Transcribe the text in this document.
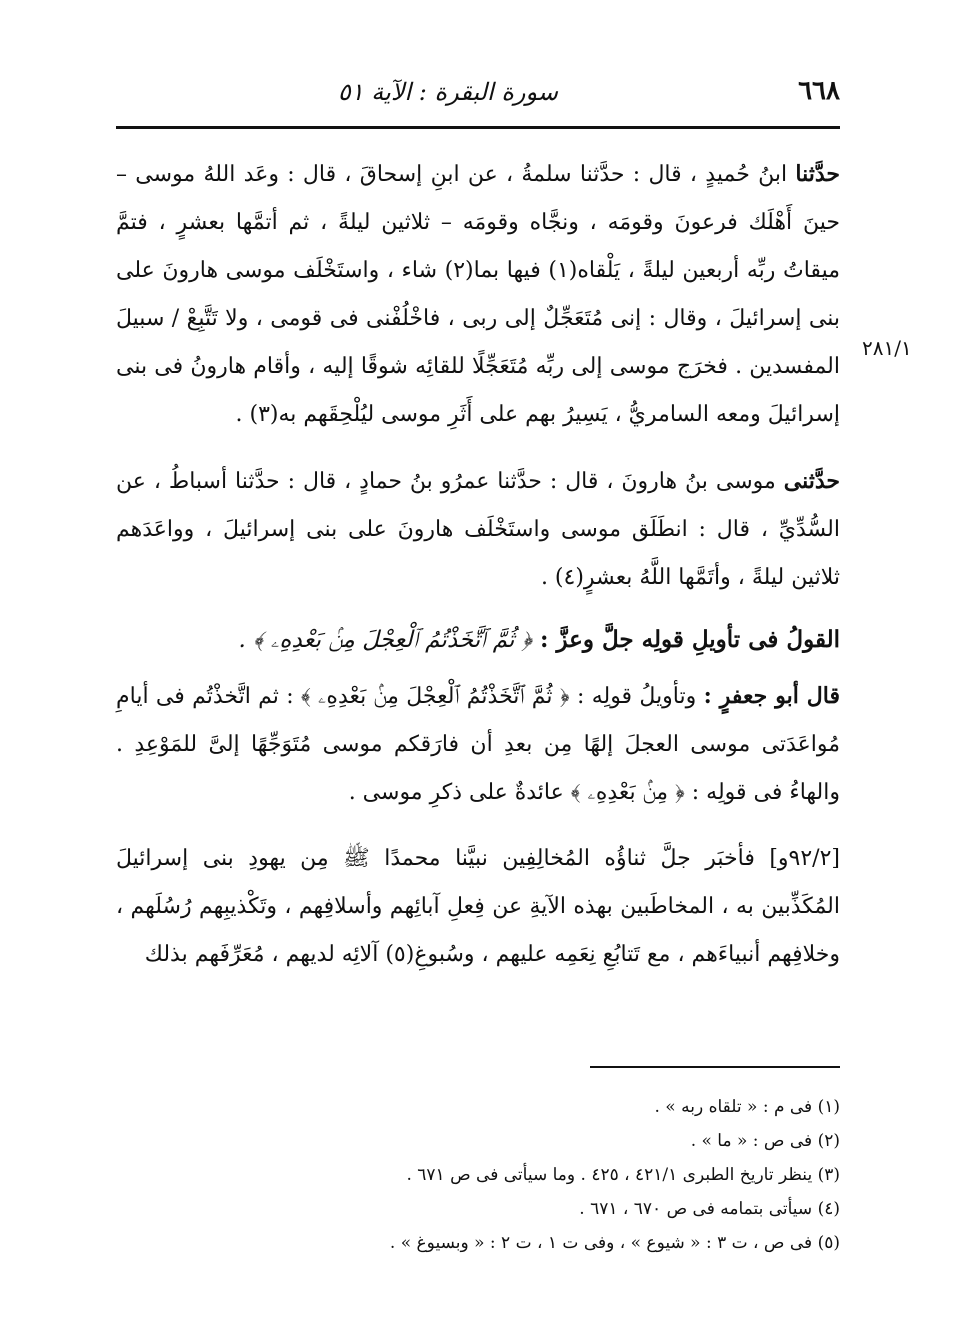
٦٦٨
سورة البقرة : الآية ٥١
٢٨١/١

حدَّثنا ابنُ حُميدٍ ، قال : حدَّثنا سلمةُ ، عن ابنِ إسحاقَ ، قال : وعَد اللهُ موسى – حينَ أَهْلَك فرعونَ وقومَه ، ونجَّاه وقومَه – ثلاثين ليلةً ، ثم أتمَّها بعشرٍ ، فتمَّ ميقاتُ ربِّه أربعين ليلةً ، يَلْقاه(١) فيها بما(٢) شاء ، واستَخْلَف موسى هارونَ على بنى إسرائيلَ ، وقال : إنى مُتَعَجِّلٌ إلى ربى ، فاخْلُفْنى فى قومى ، ولا تَتَّبِعْ / سبيلَ المفسدين . فخرَج موسى إلى ربِّه مُتَعَجِّلًا للقائِه شوقًا إليه ، وأقام هارونُ فى بنى إسرائيلَ ومعه السامريُّ ، يَسِيرُ بهم على أَثَرِ موسى ليُلْحِقَهم به(٣) .

حدَّثنى موسى بنُ هارونَ ، قال : حدَّثنا عمرُو بنُ حمادٍ ، قال : حدَّثنا أسباطُ ، عن السُّدِّيِّ ، قال : انطَلَق موسى واستَخْلَف هارونَ على بنى إسرائيلَ ، وواعَدَهم ثلاثين ليلةً ، وأتَمَّها اللَّهُ بعشرٍ(٤) .

القولُ فى تأويلِ قولِه جلَّ وعزَّ : ﴿ ثُمَّ ٱتَّخَذْتُمُ ٱلْعِجْلَ مِنۢ بَعْدِهِۦ ﴾ .

قال أبو جعفرٍ : وتأويلُ قولِه : ﴿ ثُمَّ ٱتَّخَذْتُمُ ٱلْعِجْلَ مِنۢ بَعْدِهِۦ ﴾ : ثم اتَّخذْتُم فى أيامِ مُواعَدَتى موسى العجلَ إلهًا مِن بعدِ أن فارَقكم موسى مُتَوَجِّهًا إلىَّ للمَوْعِدِ . والهاءُ فى قولِه : ﴿ مِنۢ بَعْدِهِۦ ﴾ عائدةٌ على ذكرِ موسى .

[٩٢/٢و] فأخبَر جلَّ ثناؤُه المُخالِفِين نبيَّنا محمدًا ﷺ مِن يهودِ بنى إسرائيلَ المُكَذِّبين به ، المخاطَبين بهذه الآيةِ عن فِعلِ آبائِهم وأسلافِهم ، وتَكْذيبِهم رُسُلَهم ، وخلافِهم أنبياءَهم ، مع تَتابُعِ نِعَمِه عليهم ، وسُبوغِ(٥) آلائِه لديهم ، مُعَرِّفَهم بذلك

(١) فى م : « تلقاه ربه » .
(٢) فى ص : « ما » .
(٣) ينظر تاريخ الطبرى ٤٢١/١ ، ٤٢٥ . وما سيأتى فى ص ٦٧١ .
(٤) سيأتى بتمامه فى ص ٦٧٠ ، ٦٧١ .
(٥) فى ص ، ت ٣ : « شيوع » ، وفى ت ١ ، ت ٢ : « وبسيوغ » .
